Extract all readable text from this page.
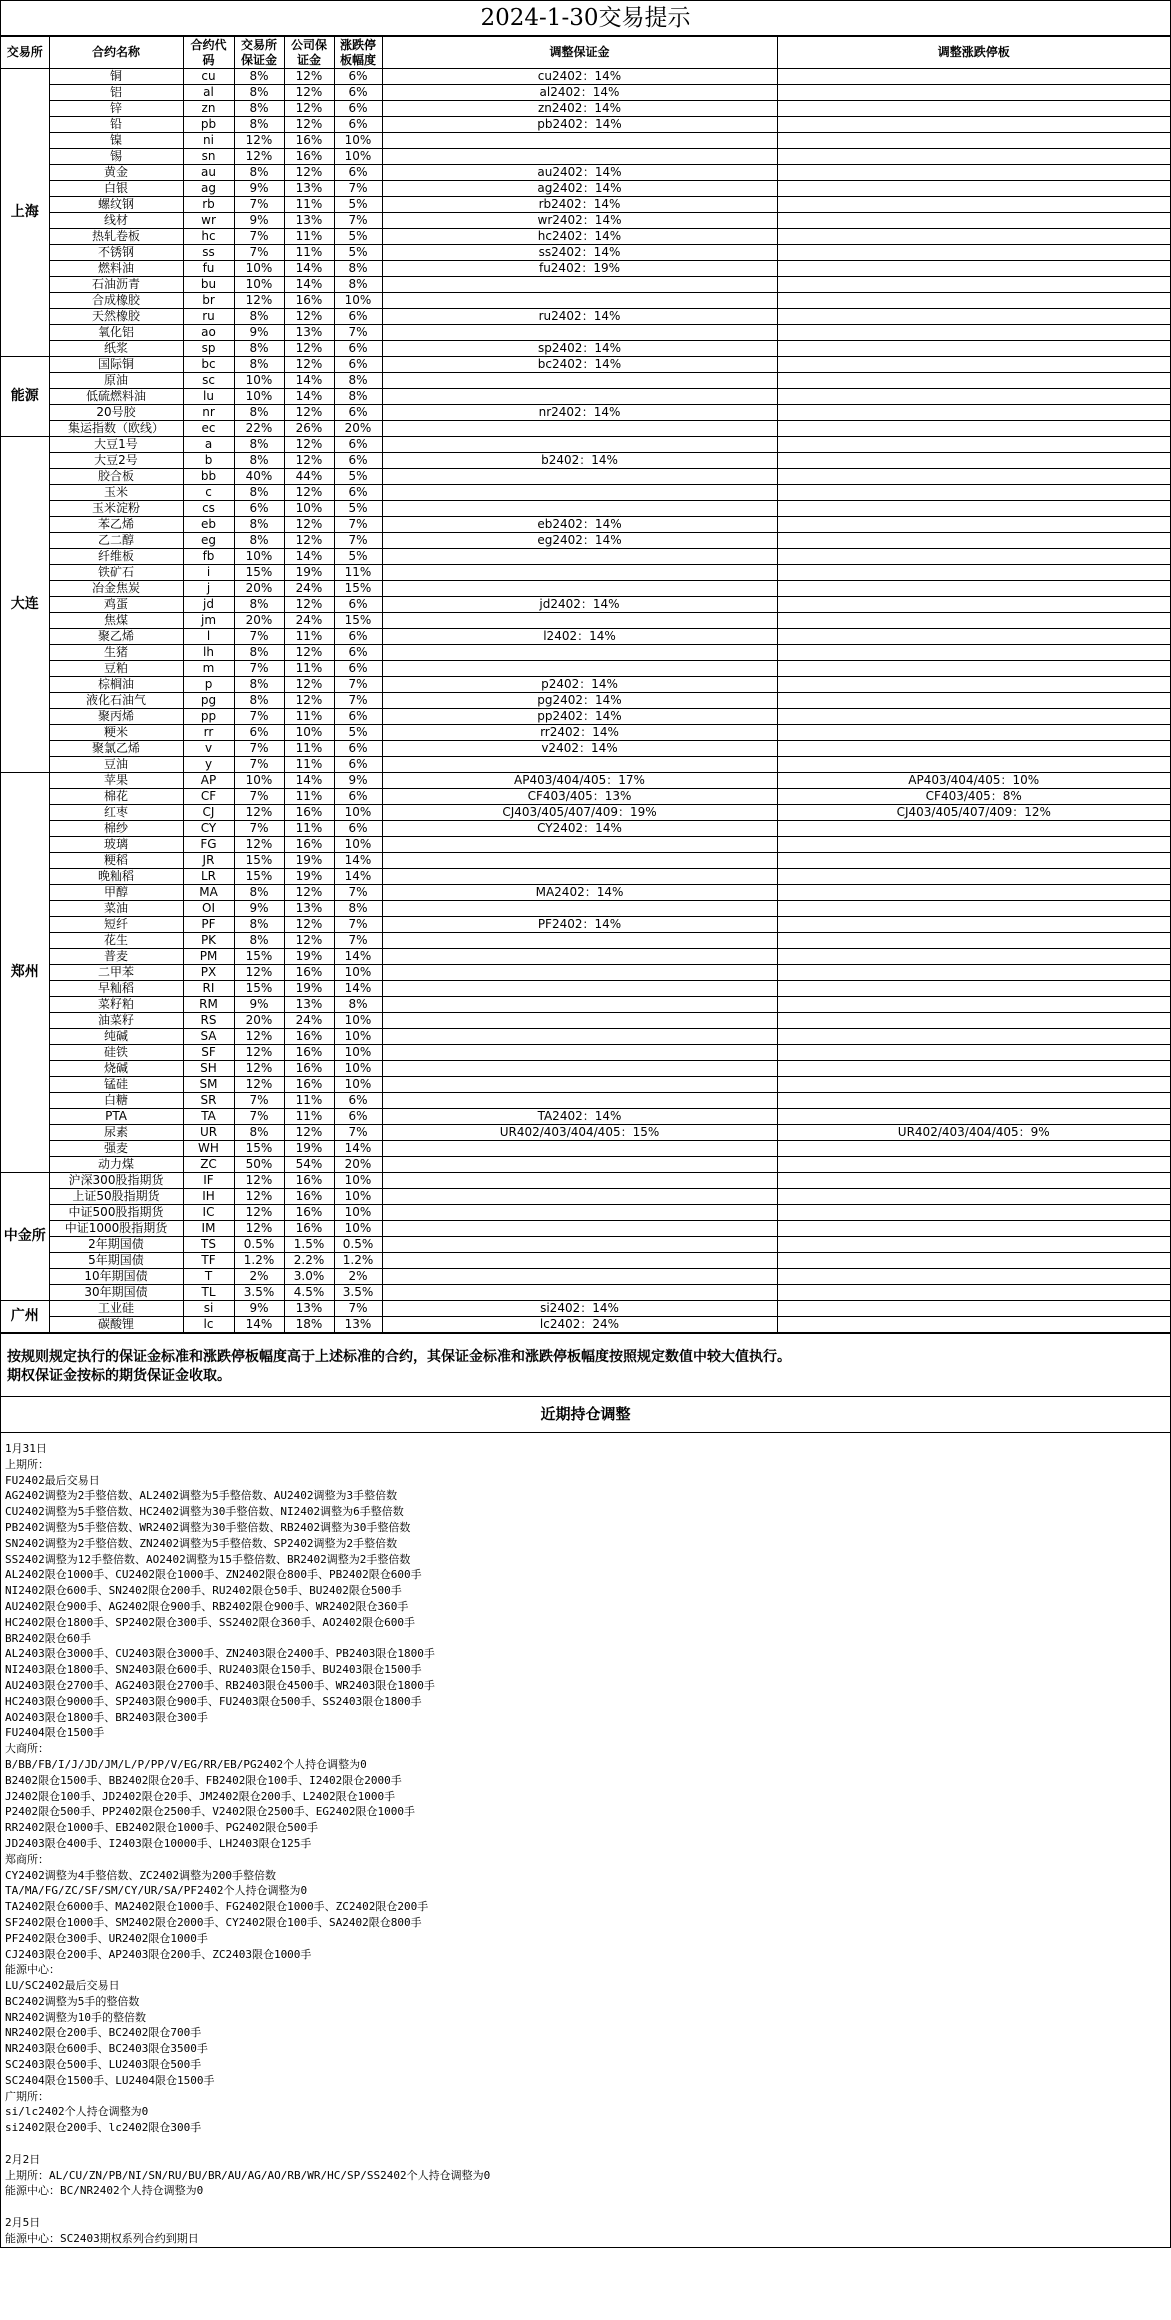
2024-1-30交易提示
交易所	合约名称	合约代码	交易所保证金	公司保证金	涨跌停板幅度	调整保证金	调整涨跌停板
上海	铜	cu	8%	12%	6%	cu2402：14%	
	铝	al	8%	12%	6%	al2402：14%	
	锌	zn	8%	12%	6%	zn2402：14%	
	铅	pb	8%	12%	6%	pb2402：14%	
	镍	ni	12%	16%	10%		
	锡	sn	12%	16%	10%		
	黄金	au	8%	12%	6%	au2402：14%	
	白银	ag	9%	13%	7%	ag2402：14%	
	螺纹钢	rb	7%	11%	5%	rb2402：14%	
	线材	wr	9%	13%	7%	wr2402：14%	
	热轧卷板	hc	7%	11%	5%	hc2402：14%	
	不锈钢	ss	7%	11%	5%	ss2402：14%	
	燃料油	fu	10%	14%	8%	fu2402：19%	
	石油沥青	bu	10%	14%	8%		
	合成橡胶	br	12%	16%	10%		
	天然橡胶	ru	8%	12%	6%	ru2402：14%	
	氧化铝	ao	9%	13%	7%		
	纸浆	sp	8%	12%	6%	sp2402：14%	
能源	国际铜	bc	8%	12%	6%	bc2402：14%	
	原油	sc	10%	14%	8%		
	低硫燃料油	lu	10%	14%	8%		
	20号胶	nr	8%	12%	6%	nr2402：14%	
	集运指数（欧线）	ec	22%	26%	20%		
大连	大豆1号	a	8%	12%	6%		
	大豆2号	b	8%	12%	6%	b2402：14%	
	胶合板	bb	40%	44%	5%		
	玉米	c	8%	12%	6%		
	玉米淀粉	cs	6%	10%	5%		
	苯乙烯	eb	8%	12%	7%	eb2402：14%	
	乙二醇	eg	8%	12%	7%	eg2402：14%	
	纤维板	fb	10%	14%	5%		
	铁矿石	i	15%	19%	11%		
	冶金焦炭	j	20%	24%	15%		
	鸡蛋	jd	8%	12%	6%	jd2402：14%	
	焦煤	jm	20%	24%	15%		
	聚乙烯	l	7%	11%	6%	l2402：14%	
	生猪	lh	8%	12%	6%		
	豆粕	m	7%	11%	6%		
	棕榈油	p	8%	12%	7%	p2402：14%	
	液化石油气	pg	8%	12%	7%	pg2402：14%	
	聚丙烯	pp	7%	11%	6%	pp2402：14%	
	粳米	rr	6%	10%	5%	rr2402：14%	
	聚氯乙烯	v	7%	11%	6%	v2402：14%	
	豆油	y	7%	11%	6%		
郑州	苹果	AP	10%	14%	9%	AP403/404/405：17%	AP403/404/405：10%
	棉花	CF	7%	11%	6%	CF403/405：13%	CF403/405：8%
	红枣	CJ	12%	16%	10%	CJ403/405/407/409：19%	CJ403/405/407/409：12%
	棉纱	CY	7%	11%	6%	CY2402：14%	
	玻璃	FG	12%	16%	10%		
	粳稻	JR	15%	19%	14%		
	晚籼稻	LR	15%	19%	14%		
	甲醇	MA	8%	12%	7%	MA2402：14%	
	菜油	OI	9%	13%	8%		
	短纤	PF	8%	12%	7%	PF2402：14%	
	花生	PK	8%	12%	7%		
	普麦	PM	15%	19%	14%		
	二甲苯	PX	12%	16%	10%		
	早籼稻	RI	15%	19%	14%		
	菜籽粕	RM	9%	13%	8%		
	油菜籽	RS	20%	24%	10%		
	纯碱	SA	12%	16%	10%		
	硅铁	SF	12%	16%	10%		
	烧碱	SH	12%	16%	10%		
	锰硅	SM	12%	16%	10%		
	白糖	SR	7%	11%	6%		
	PTA	TA	7%	11%	6%	TA2402：14%	
	尿素	UR	8%	12%	7%	UR402/403/404/405：15%	UR402/403/404/405：9%
	强麦	WH	15%	19%	14%		
	动力煤	ZC	50%	54%	20%		
中金所	沪深300股指期货	IF	12%	16%	10%		
	上证50股指期货	IH	12%	16%	10%		
	中证500股指期货	IC	12%	16%	10%		
	中证1000股指期货	IM	12%	16%	10%		
	2年期国债	TS	0.5%	1.5%	0.5%		
	5年期国债	TF	1.2%	2.2%	1.2%		
	10年期国债	T	2%	3.0%	2%		
	30年期国债	TL	3.5%	4.5%	3.5%		
广州	工业硅	si	9%	13%	7%	si2402：14%	
	碳酸锂	lc	14%	18%	13%	lc2402：24%	
按规则规定执行的保证金标准和涨跌停板幅度高于上述标准的合约，其保证金标准和涨跌停板幅度按照规定数值中较大值执行。
期权保证金按标的期货保证金收取。
近期持仓调整
1月31日
上期所：
FU2402最后交易日
AG2402调整为2手整倍数、AL2402调整为5手整倍数、AU2402调整为3手整倍数
CU2402调整为5手整倍数、HC2402调整为30手整倍数、NI2402调整为6手整倍数
PB2402调整为5手整倍数、WR2402调整为30手整倍数、RB2402调整为30手整倍数
SN2402调整为2手整倍数、ZN2402调整为5手整倍数、SP2402调整为2手整倍数
SS2402调整为12手整倍数、AO2402调整为15手整倍数、BR2402调整为2手整倍数
AL2402限仓1000手、CU2402限仓1000手、ZN2402限仓800手、PB2402限仓600手
NI2402限仓600手、SN2402限仓200手、RU2402限仓50手、BU2402限仓500手
AU2402限仓900手、AG2402限仓900手、RB2402限仓900手、WR2402限仓360手
HC2402限仓1800手、SP2402限仓300手、SS2402限仓360手、AO2402限仓600手
BR2402限仓60手
AL2403限仓3000手、CU2403限仓3000手、ZN2403限仓2400手、PB2403限仓1800手
NI2403限仓1800手、SN2403限仓600手、RU2403限仓150手、BU2403限仓1500手
AU2403限仓2700手、AG2403限仓2700手、RB2403限仓4500手、WR2403限仓1800手
HC2403限仓9000手、SP2403限仓900手、FU2403限仓500手、SS2403限仓1800手
AO2403限仓1800手、BR2403限仓300手
FU2404限仓1500手
大商所：
B/BB/FB/I/J/JD/JM/L/P/PP/V/EG/RR/EB/PG2402个人持仓调整为0
B2402限仓1500手、BB2402限仓20手、FB2402限仓100手、I2402限仓2000手
J2402限仓100手、JD2402限仓20手、JM2402限仓200手、L2402限仓1000手
P2402限仓500手、PP2402限仓2500手、V2402限仓2500手、EG2402限仓1000手
RR2402限仓1000手、EB2402限仓1000手、PG2402限仓500手
JD2403限仓400手、I2403限仓10000手、LH2403限仓125手
郑商所：
CY2402调整为4手整倍数、ZC2402调整为200手整倍数
TA/MA/FG/ZC/SF/SM/CY/UR/SA/PF2402个人持仓调整为0
TA2402限仓6000手、MA2402限仓1000手、FG2402限仓1000手、ZC2402限仓200手
SF2402限仓1000手、SM2402限仓2000手、CY2402限仓100手、SA2402限仓800手
PF2402限仓300手、UR2402限仓1000手
CJ2403限仓200手、AP2403限仓200手、ZC2403限仓1000手
能源中心：
LU/SC2402最后交易日
BC2402调整为5手的整倍数
NR2402调整为10手的整倍数
NR2402限仓200手、BC2402限仓700手
NR2403限仓600手、BC2403限仓3500手
SC2403限仓500手、LU2403限仓500手
SC2404限仓1500手、LU2404限仓1500手
广期所：
si/lc2402个人持仓调整为0
si2402限仓200手、lc2402限仓300手
2月2日
上期所：AL/CU/ZN/PB/NI/SN/RU/BU/BR/AU/AG/AO/RB/WR/HC/SP/SS2402个人持仓调整为0
能源中心：BC/NR2402个人持仓调整为0
2月5日
能源中心：SC2403期权系列合约到期日
